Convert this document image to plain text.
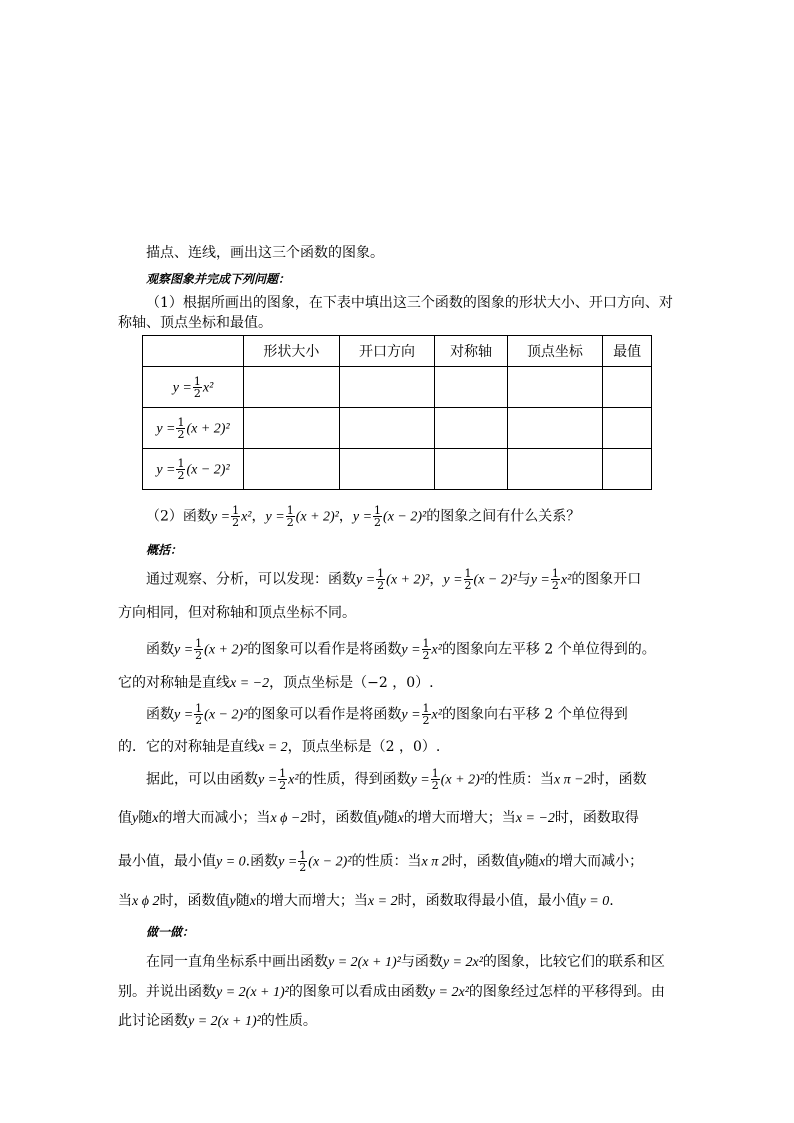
描点、连线，画出这三个函数的图象。
观察图象并完成下列问题：
（1）根据所画出的图象，在下表中填出这三个函数的图象的形状大小、开口方向、对
称轴、顶点坐标和最值。
	形状大小	开口方向	对称轴	顶点坐标	最值
$y = \frac{1}{2} x^2$					
$y = \frac{1}{2} (x + 2)^2$					
$y = \frac{1}{2} (x - 2)^2$					
（2）函数$y = \frac{1}{2} x^2$，$y = \frac{1}{2} (x + 2)^2$，$y = \frac{1}{2} (x - 2)^2$的图象之间有什么关系？
概括：
通过观察、分析，可以发现：函数$y = \frac{1}{2} (x + 2)^2$，$y = \frac{1}{2} (x - 2)^2$与$y = \frac{1}{2} x^2$的图象开口
方向相同，但对称轴和顶点坐标不同。
函数$y = \frac{1}{2} (x + 2)^2$的图象可以看作是将函数$y = \frac{1}{2} x^2$的图象向左平移 2 个单位得到的。
它的对称轴是直线x = −2，顶点坐标是（−2 ，0）.
函数$y = \frac{1}{2} (x - 2)^2$的图象可以看作是将函数$y = \frac{1}{2} x^2$的图象向右平移 2 个单位得到
的．它的对称轴是直线x = 2，顶点坐标是（2 ，0）.
据此，可以由函数$y = \frac{1}{2} x^2$的性质，得到函数$y = \frac{1}{2} (x + 2)^2$的性质：当x π −2时，函数
值y随x的增大而减小；当x ϕ −2时，函数值y随x的增大而增大；当x = −2时，函数取得
最小值，最小值y = 0.函数$y = \frac{1}{2} (x - 2)^2$的性质：当x π 2时，函数值y随x的增大而减小；
当x ϕ 2时，函数值y随x的增大而增大；当x = 2时，函数取得最小值，最小值y = 0.
做一做：
在同一直角坐标系中画出函数y = 2(x + 1)²与函数y = 2x²的图象，比较它们的联系和区
别。并说出函数y = 2(x + 1)²的图象可以看成由函数y = 2x²的图象经过怎样的平移得到。由
此讨论函数y = 2(x + 1)²的性质。
